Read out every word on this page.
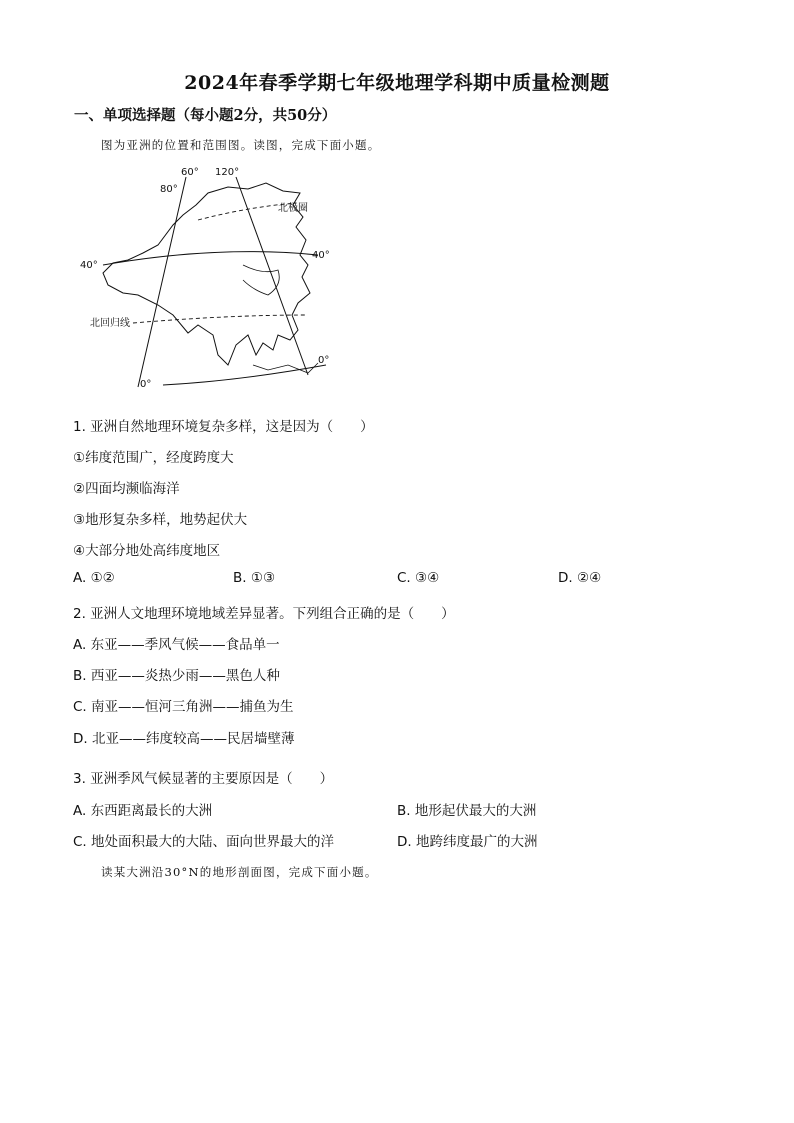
2024年春季学期七年级地理学科期中质量检测题
一、单项选择题（每小题2分，共50分）
图为亚洲的位置和范围图。读图，完成下面小题。
60° 120°
80°
40°
40°
0°
0°
北极圈
北回归线
1. 亚洲自然地理环境复杂多样，这是因为（　　）
①纬度范围广，经度跨度大
②四面均濒临海洋
③地形复杂多样，地势起伏大
④大部分地处高纬度地区
A. ①②	B. ①③	C. ③④	D. ②④
2. 亚洲人文地理环境地域差异显著。下列组合正确的是（　　）
A. 东亚——季风气候——食品单一
B. 西亚——炎热少雨——黑色人种
C. 南亚——恒河三角洲——捕鱼为生
D. 北亚——纬度较高——民居墙壁薄
3. 亚洲季风气候显著的主要原因是（　　）
A. 东西距离最长的大洲	B. 地形起伏最大的大洲
C. 地处面积最大的大陆、面向世界最大的洋	D. 地跨纬度最广的大洲
读某大洲沿30°N的地形剖面图，完成下面小题。
